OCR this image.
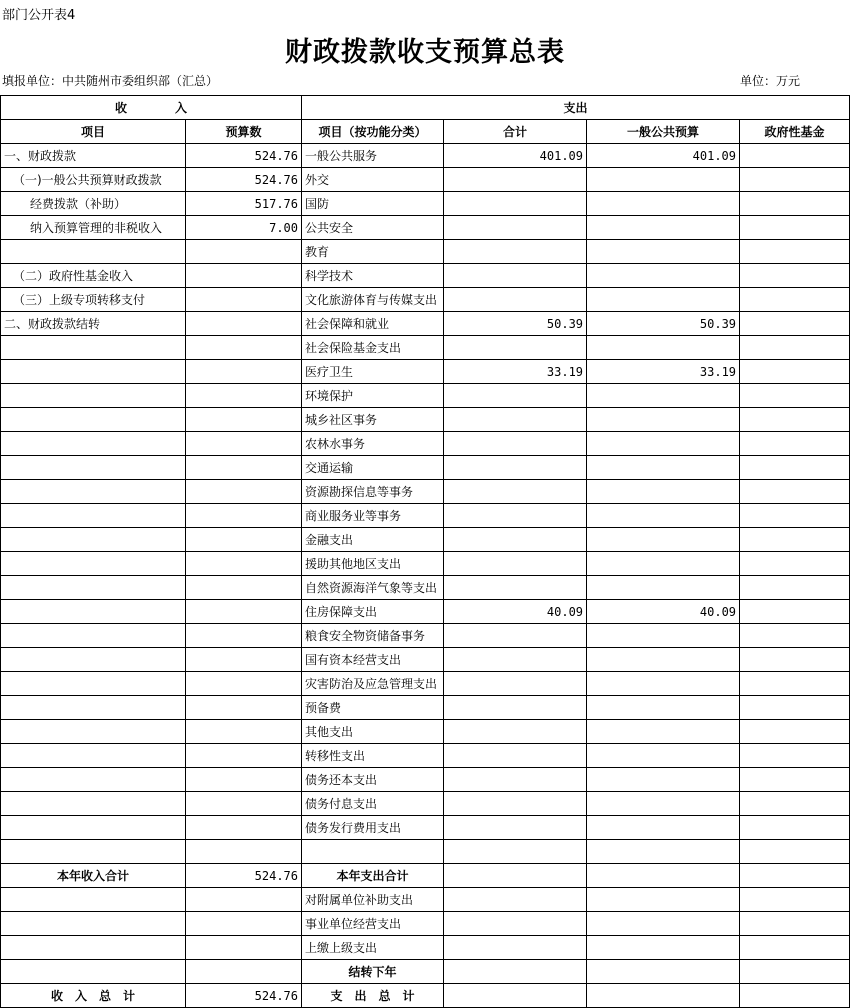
部门公开表4
财政拨款收支预算总表
填报单位：中共随州市委组织部（汇总）	单位：万元
收　　　　入		支出			
项目	预算数	项目（按功能分类）	合计	一般公共预算	政府性基金
一、财政拨款	524.76	一般公共服务	401.09	401.09	
（一)一般公共预算财政拨款	524.76	外交			
经费拨款（补助）	517.76	国防			
纳入预算管理的非税收入	7.00	公共安全			
		教育			
（二）政府性基金收入		科学技术			
（三）上级专项转移支付		文化旅游体育与传媒支出			
二、财政拨款结转		社会保障和就业	50.39	50.39	
		社会保险基金支出			
		医疗卫生	33.19	33.19	
		环境保护			
		城乡社区事务			
		农林水事务			
		交通运输			
		资源勘探信息等事务			
		商业服务业等事务			
		金融支出			
		援助其他地区支出			
		自然资源海洋气象等支出			
		住房保障支出	40.09	40.09	
		粮食安全物资储备事务			
		国有资本经营支出			
		灾害防治及应急管理支出			
		预备费			
		其他支出			
		转移性支出			
		债务还本支出			
		债务付息支出			
		债务发行费用支出			

本年收入合计	524.76	本年支出合计			
		对附属单位补助支出			
		事业单位经营支出			
		上缴上级支出			
		结转下年			
收　入　总　计	524.76	支　出　总　计			
